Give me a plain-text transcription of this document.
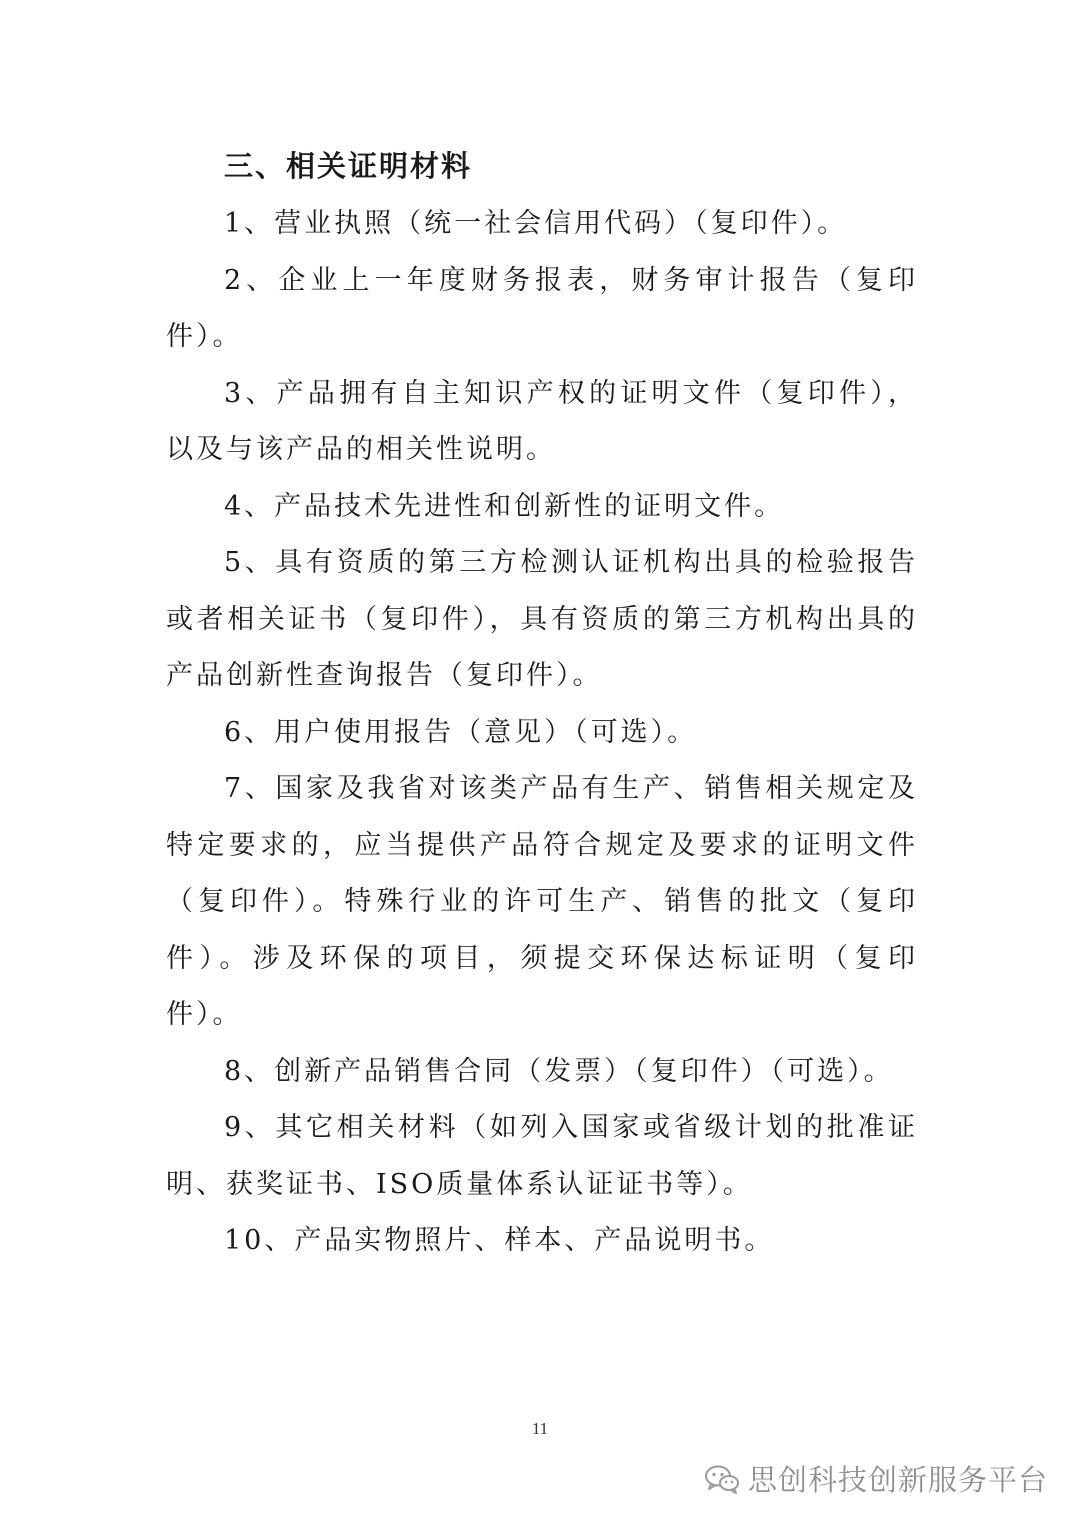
三、相关证明材料

1、营业执照（统一社会信用代码）（复印件）。

2、企业上一年度财务报表，财务审计报告（复印件）。

3、产品拥有自主知识产权的证明文件（复印件），以及与该产品的相关性说明。

4、产品技术先进性和创新性的证明文件。

5、具有资质的第三方检测认证机构出具的检验报告或者相关证书（复印件），具有资质的第三方机构出具的产品创新性查询报告（复印件）。

6、用户使用报告（意见）（可选）。

7、国家及我省对该类产品有生产、销售相关规定及特定要求的，应当提供产品符合规定及要求的证明文件（复印件）。特殊行业的许可生产、销售的批文（复印件）。涉及环保的项目，须提交环保达标证明（复印件）。

8、创新产品销售合同（发票）（复印件）（可选）。

9、其它相关材料（如列入国家或省级计划的批准证明、获奖证书、ISO质量体系认证证书等）。

10、产品实物照片、样本、产品说明书。

11
思创科技创新服务平台
